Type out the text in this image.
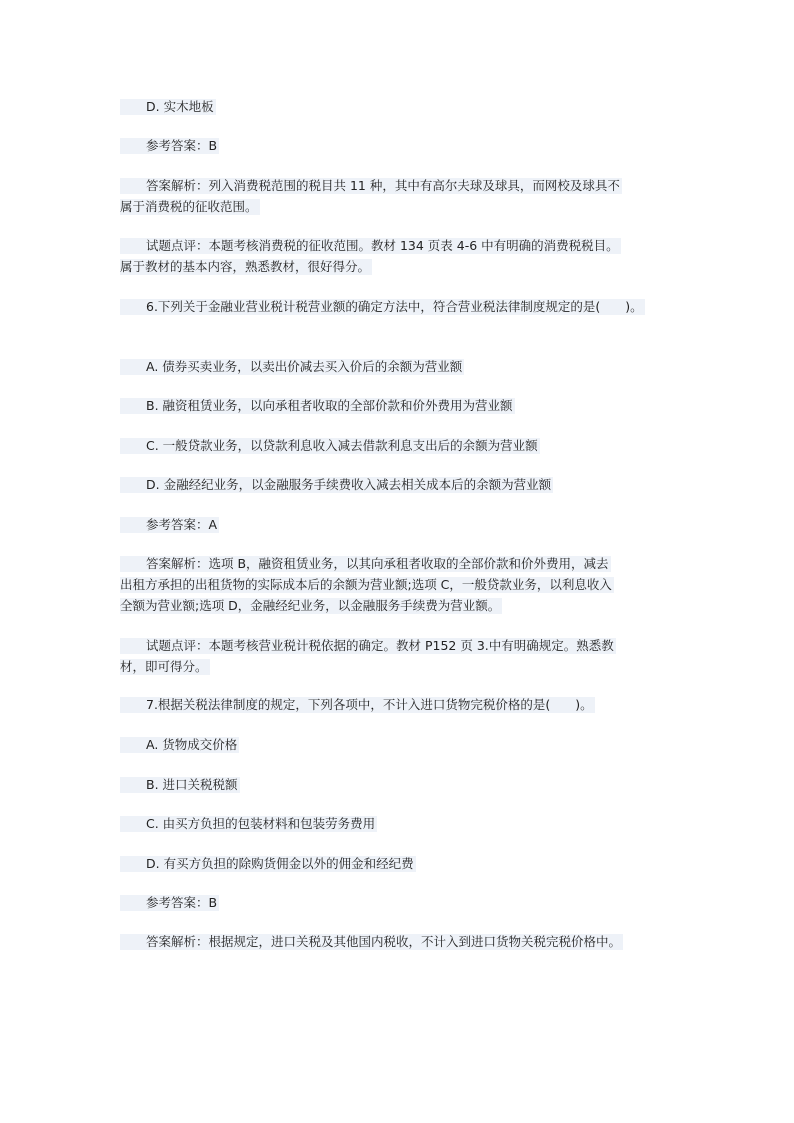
D. 实木地板
参考答案：B
答案解析：列入消费税范围的税目共 11 种，其中有高尔夫球及球具，而网校及球具不
属于消费税的征收范围。
试题点评：本题考核消费税的征收范围。教材 134 页表 4-6 中有明确的消费税税目。
属于教材的基本内容，熟悉教材，很好得分。
6.下列关于金融业营业税计税营业额的确定方法中，符合营业税法律制度规定的是(　　)。
A. 债券买卖业务，以卖出价减去买入价后的余额为营业额
B. 融资租赁业务，以向承租者收取的全部价款和价外费用为营业额
C. 一般贷款业务，以贷款利息收入减去借款利息支出后的余额为营业额
D. 金融经纪业务，以金融服务手续费收入减去相关成本后的余额为营业额
参考答案：A
答案解析：选项 B，融资租赁业务，以其向承租者收取的全部价款和价外费用，减去
出租方承担的出租货物的实际成本后的余额为营业额;选项 C，一般贷款业务，以利息收入
全额为营业额;选项 D，金融经纪业务，以金融服务手续费为营业额。
试题点评：本题考核营业税计税依据的确定。教材 P152 页 3.中有明确规定。熟悉教
材，即可得分。
7.根据关税法律制度的规定，下列各项中，不计入进口货物完税价格的是(　　)。
A. 货物成交价格
B. 进口关税税额
C. 由买方负担的包装材料和包装劳务费用
D. 有买方负担的除购货佣金以外的佣金和经纪费
参考答案：B
答案解析：根据规定，进口关税及其他国内税收，不计入到进口货物关税完税价格中。
